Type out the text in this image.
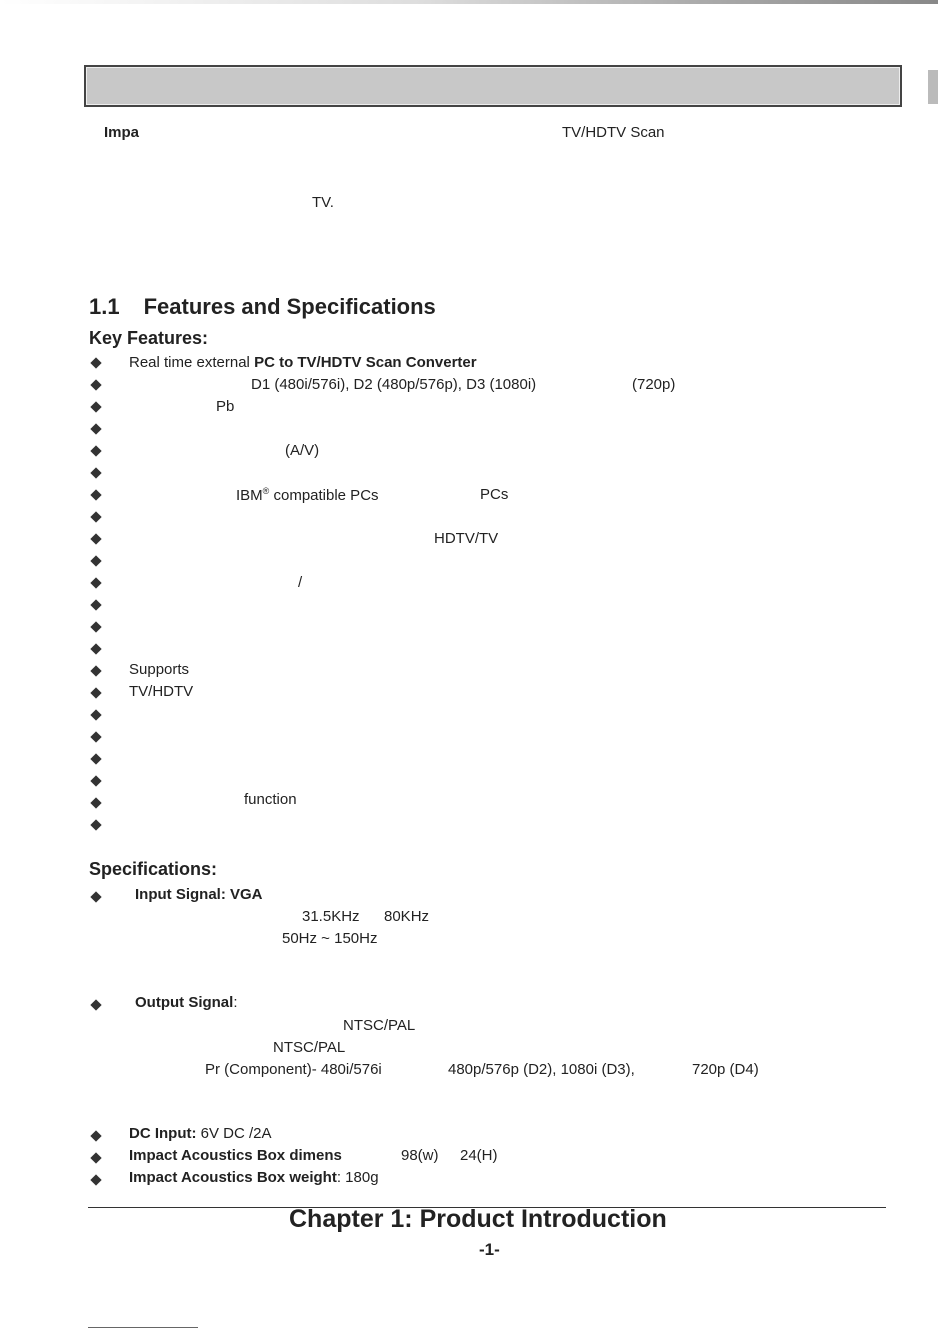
Impa	TV/HDTV Scan
TV.
1.1 Features and Specifications
Key Features:
Real time external PC to TV/HDTV Scan Converter
D1 (480i/576i), D2 (480p/576p), D3 (1080i)	(720p)
Pb
(A/V)
IBM® compatible PCs	PCs
HDTV/TV
/
Supports
TV/HDTV
function
Specifications:
Input Signal: VGA
31.5KHz 80KHz
50Hz ~ 150Hz
Output Signal:
NTSC/PAL
NTSC/PAL
Pr (Component)- 480i/576i	480p/576p (D2), 1080i (D3),	720p (D4)
DC Input: 6V DC /2A
Impact Acoustics Box dimens	98(w) 24(H)
Impact Acoustics Box weight: 180g
Chapter 1: Product Introduction
-1-
